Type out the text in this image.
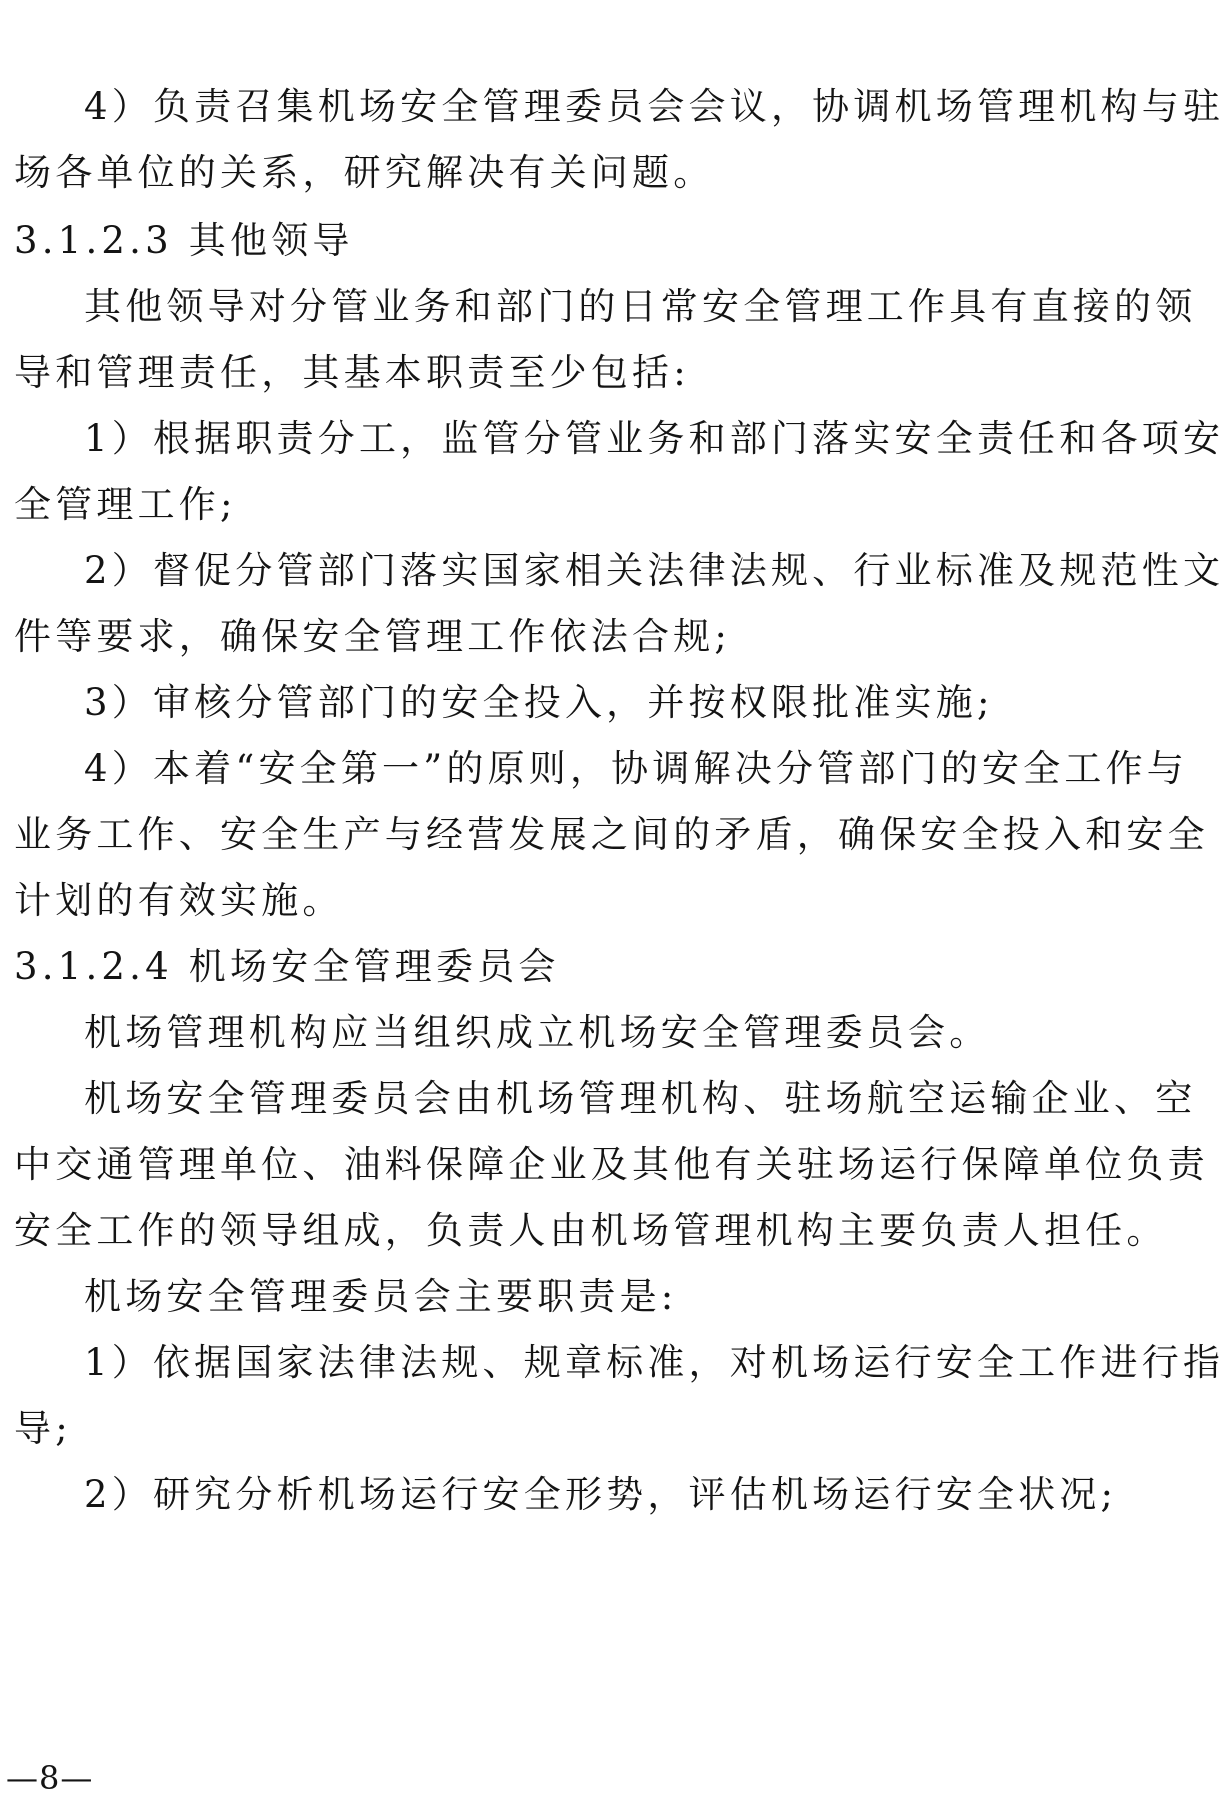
4）负责召集机场安全管理委员会会议，协调机场管理机构与驻
场各单位的关系，研究解决有关问题。
3.1.2.3 其他领导
其他领导对分管业务和部门的日常安全管理工作具有直接的领
导和管理责任，其基本职责至少包括:
1）根据职责分工，监管分管业务和部门落实安全责任和各项安
全管理工作;
2）督促分管部门落实国家相关法律法规、行业标准及规范性文
件等要求，确保安全管理工作依法合规;
3）审核分管部门的安全投入，并按权限批准实施;
4）本着“安全第一”的原则，协调解决分管部门的安全工作与
业务工作、安全生产与经营发展之间的矛盾，确保安全投入和安全
计划的有效实施。
3.1.2.4 机场安全管理委员会
机场管理机构应当组织成立机场安全管理委员会。
机场安全管理委员会由机场管理机构、驻场航空运输企业、空
中交通管理单位、油料保障企业及其他有关驻场运行保障单位负责
安全工作的领导组成，负责人由机场管理机构主要负责人担任。
机场安全管理委员会主要职责是:
1）依据国家法律法规、规章标准，对机场运行安全工作进行指
导;
2）研究分析机场运行安全形势，评估机场运行安全状况;
—8—
